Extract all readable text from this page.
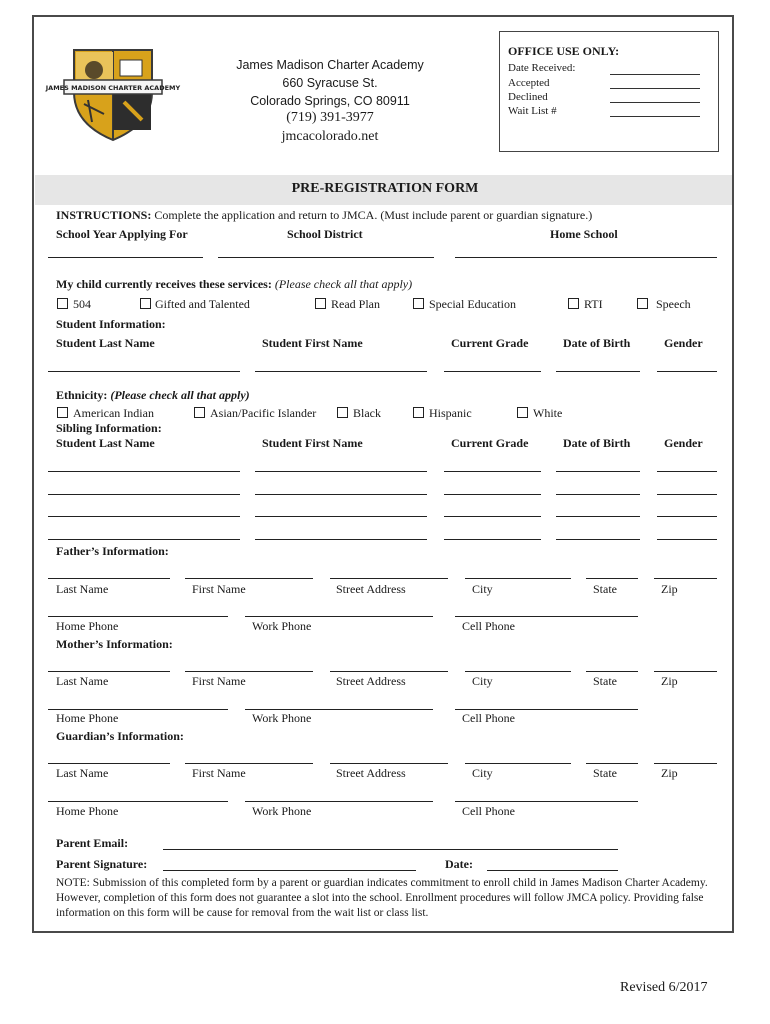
JAMES MADISON CHARTER ACADEMY
James Madison Charter Academy
660 Syracuse St.
Colorado Springs, CO 80911
(719) 391-3977
jmcacolorado.net
OFFICE USE ONLY:
Date Received:
Accepted
Declined
Wait List #
PRE-REGISTRATION FORM
INSTRUCTIONS: Complete the application and return to JMCA. (Must include parent or guardian signature.)
School Year Applying For	School District	Home School
My child currently receives these services: (Please check all that apply)
504	Gifted and Talented	Read Plan	Special Education	RTI	Speech
Student Information:
Student Last Name	Student First Name	Current Grade	Date of Birth	Gender
Ethnicity: (Please check all that apply)
American Indian	Asian/Pacific Islander	Black	Hispanic	White
Sibling Information:
Student Last Name	Student First Name	Current Grade	Date of Birth	Gender
Father’s Information:
Last Name	First Name	Street Address	City	State	Zip
Home Phone	Work Phone	Cell Phone
Mother’s Information:
Last Name	First Name	Street Address	City	State	Zip
Home Phone	Work Phone	Cell Phone
Guardian’s Information:
Last Name	First Name	Street Address	City	State	Zip
Home Phone	Work Phone	Cell Phone
Parent Email:
Parent Signature:	Date:
NOTE: Submission of this completed form by a parent or guardian indicates commitment to enroll child in James Madison Charter Academy. However, completion of this form does not guarantee a slot into the school. Enrollment procedures will follow JMCA policy. Providing false information on this form will be cause for removal from the wait list or class list.
Revised 6/2017
